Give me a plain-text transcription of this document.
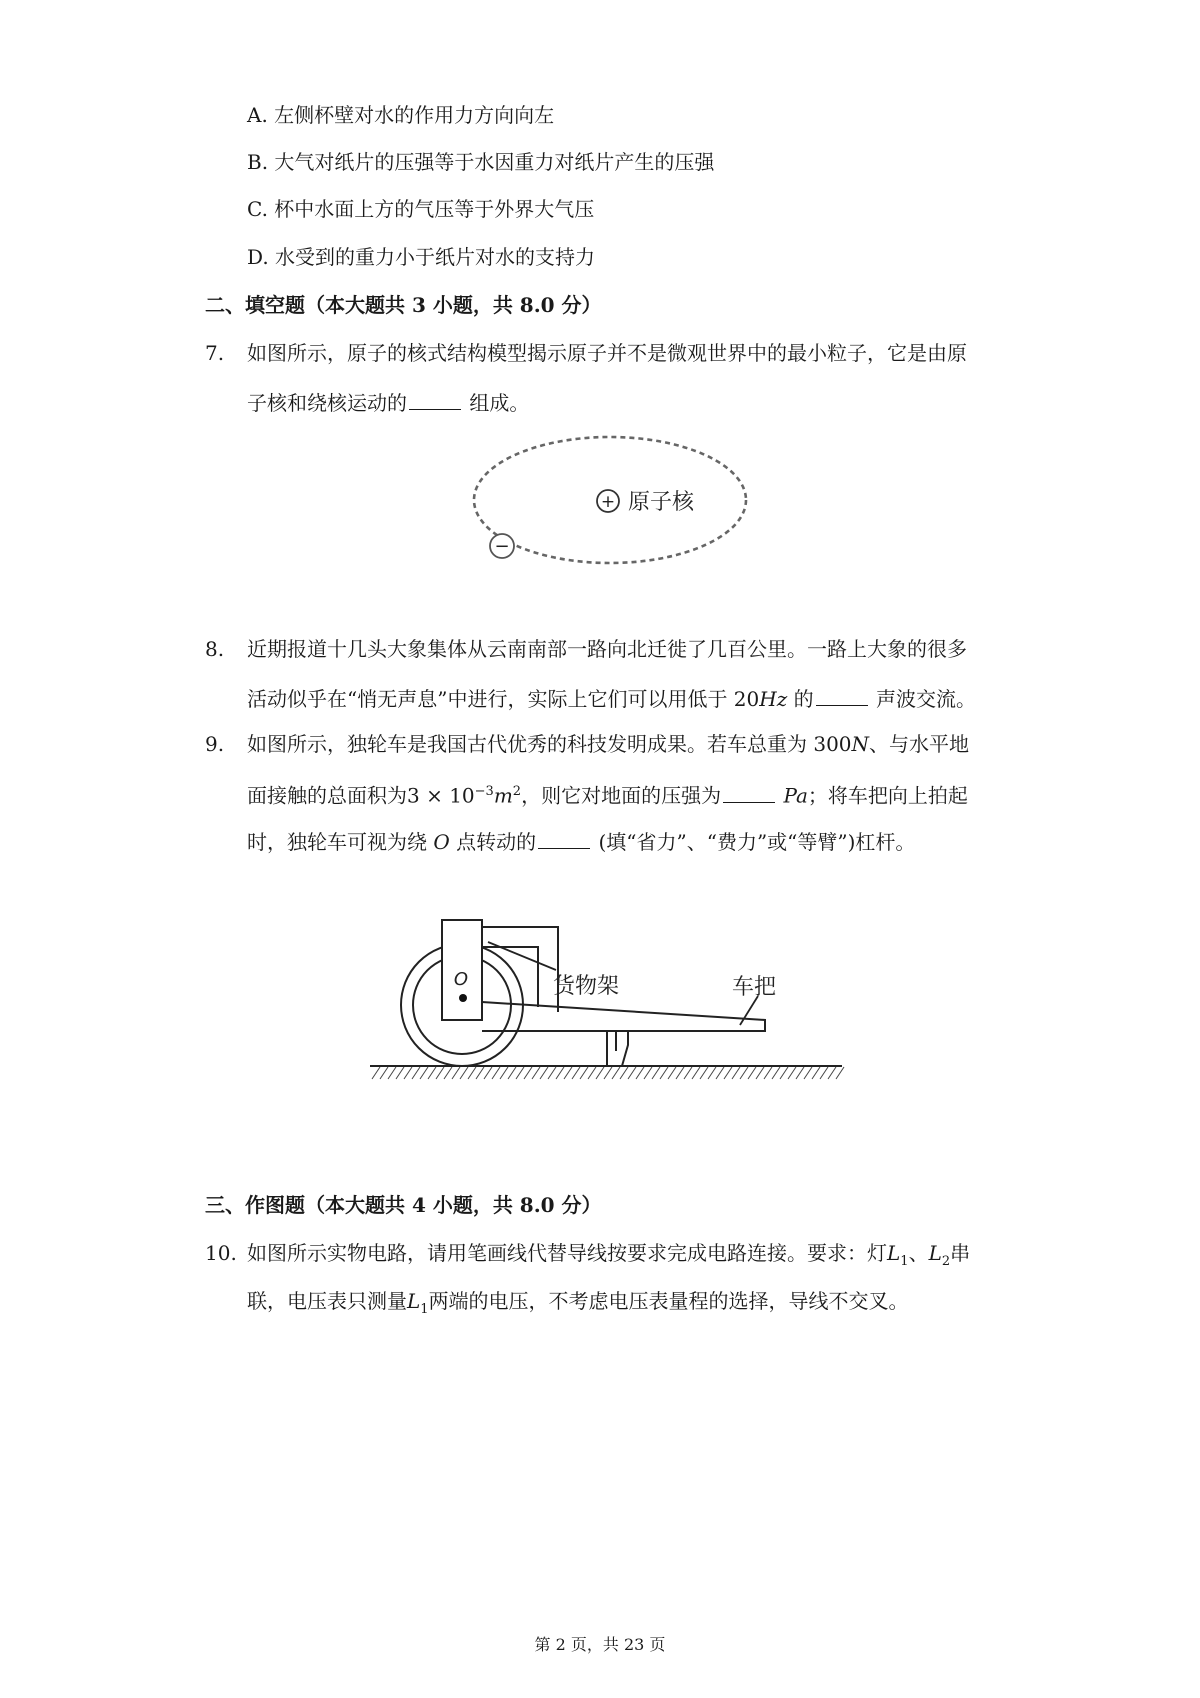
A. 左侧杯壁对水的作用力方向向左
B. 大气对纸片的压强等于水因重力对纸片产生的压强
C. 杯中水面上方的气压等于外界大气压
D. 水受到的重力小于纸片对水的支持力
二、填空题（本大题共 3 小题，共 8.0 分）
7. 如图所示，原子的核式结构模型揭示原子并不是微观世界中的最小粒子，它是由原
子核和绕核运动的	组成。
+ 原子核
−
8. 近期报道十几头大象集体从云南南部一路向北迁徙了几百公里。一路上大象的很多
活动似乎在“悄无声息”中进行，实际上它们可以用低于 20Hz 的	声波交流。
9. 如图所示，独轮车是我国古代优秀的科技发明成果。若车总重为 300N、与水平地
面接触的总面积为$3 \times 10^{-3}m^2$，则它对地面的压强为	Pa；将车把向上拍起
时，独轮车可视为绕 O 点转动的	(填“省力”、“费力”或“等臂”)杠杆。
O	货物架	车把
三、作图题（本大题共 4 小题，共 8.0 分）
10. 如图所示实物电路，请用笔画线代替导线按要求完成电路连接。要求：灯$L_1$、$L_2$串
联，电压表只测量$L_1$两端的电压，不考虑电压表量程的选择，导线不交叉。
第 2 页，共 23 页
